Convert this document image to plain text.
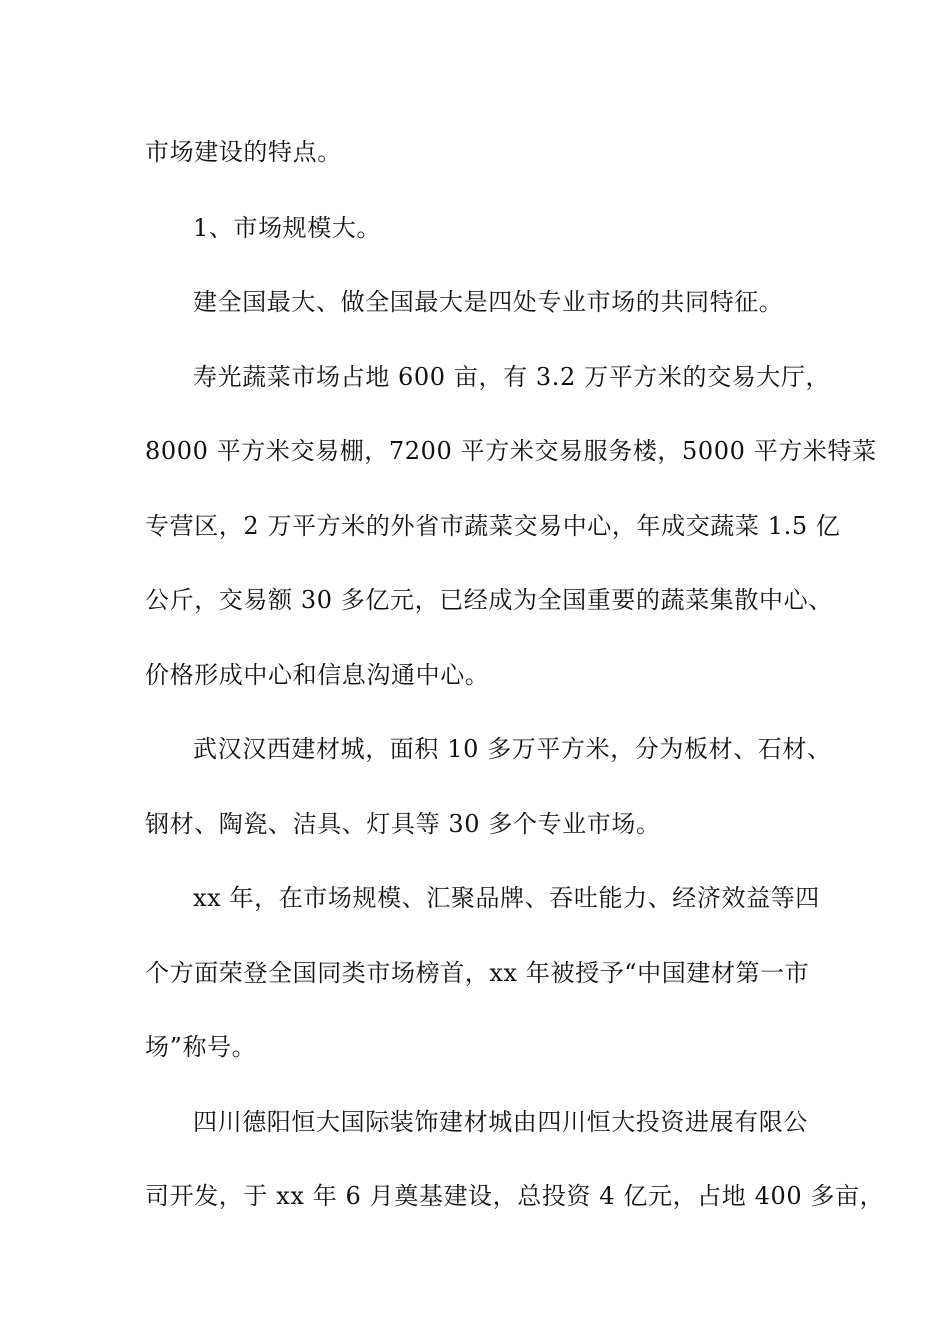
市场建设的特点。
1、市场规模大。
建全国最大、做全国最大是四处专业市场的共同特征。
寿光蔬菜市场占地 600 亩，有 3.2 万平方米的交易大厅，
8000 平方米交易棚，7200 平方米交易服务楼，5000 平方米特菜
专营区，2 万平方米的外省市蔬菜交易中心，年成交蔬菜 1.5 亿
公斤，交易额 30 多亿元，已经成为全国重要的蔬菜集散中心、
价格形成中心和信息沟通中心。
武汉汉西建材城，面积 10 多万平方米，分为板材、石材、
钢材、陶瓷、洁具、灯具等 30 多个专业市场。
xx 年，在市场规模、汇聚品牌、吞吐能力、经济效益等四
个方面荣登全国同类市场榜首，xx 年被授予“中国建材第一市
场”称号。
四川德阳恒大国际装饰建材城由四川恒大投资进展有限公
司开发，于 xx 年 6 月奠基建设，总投资 4 亿元，占地 400 多亩，
